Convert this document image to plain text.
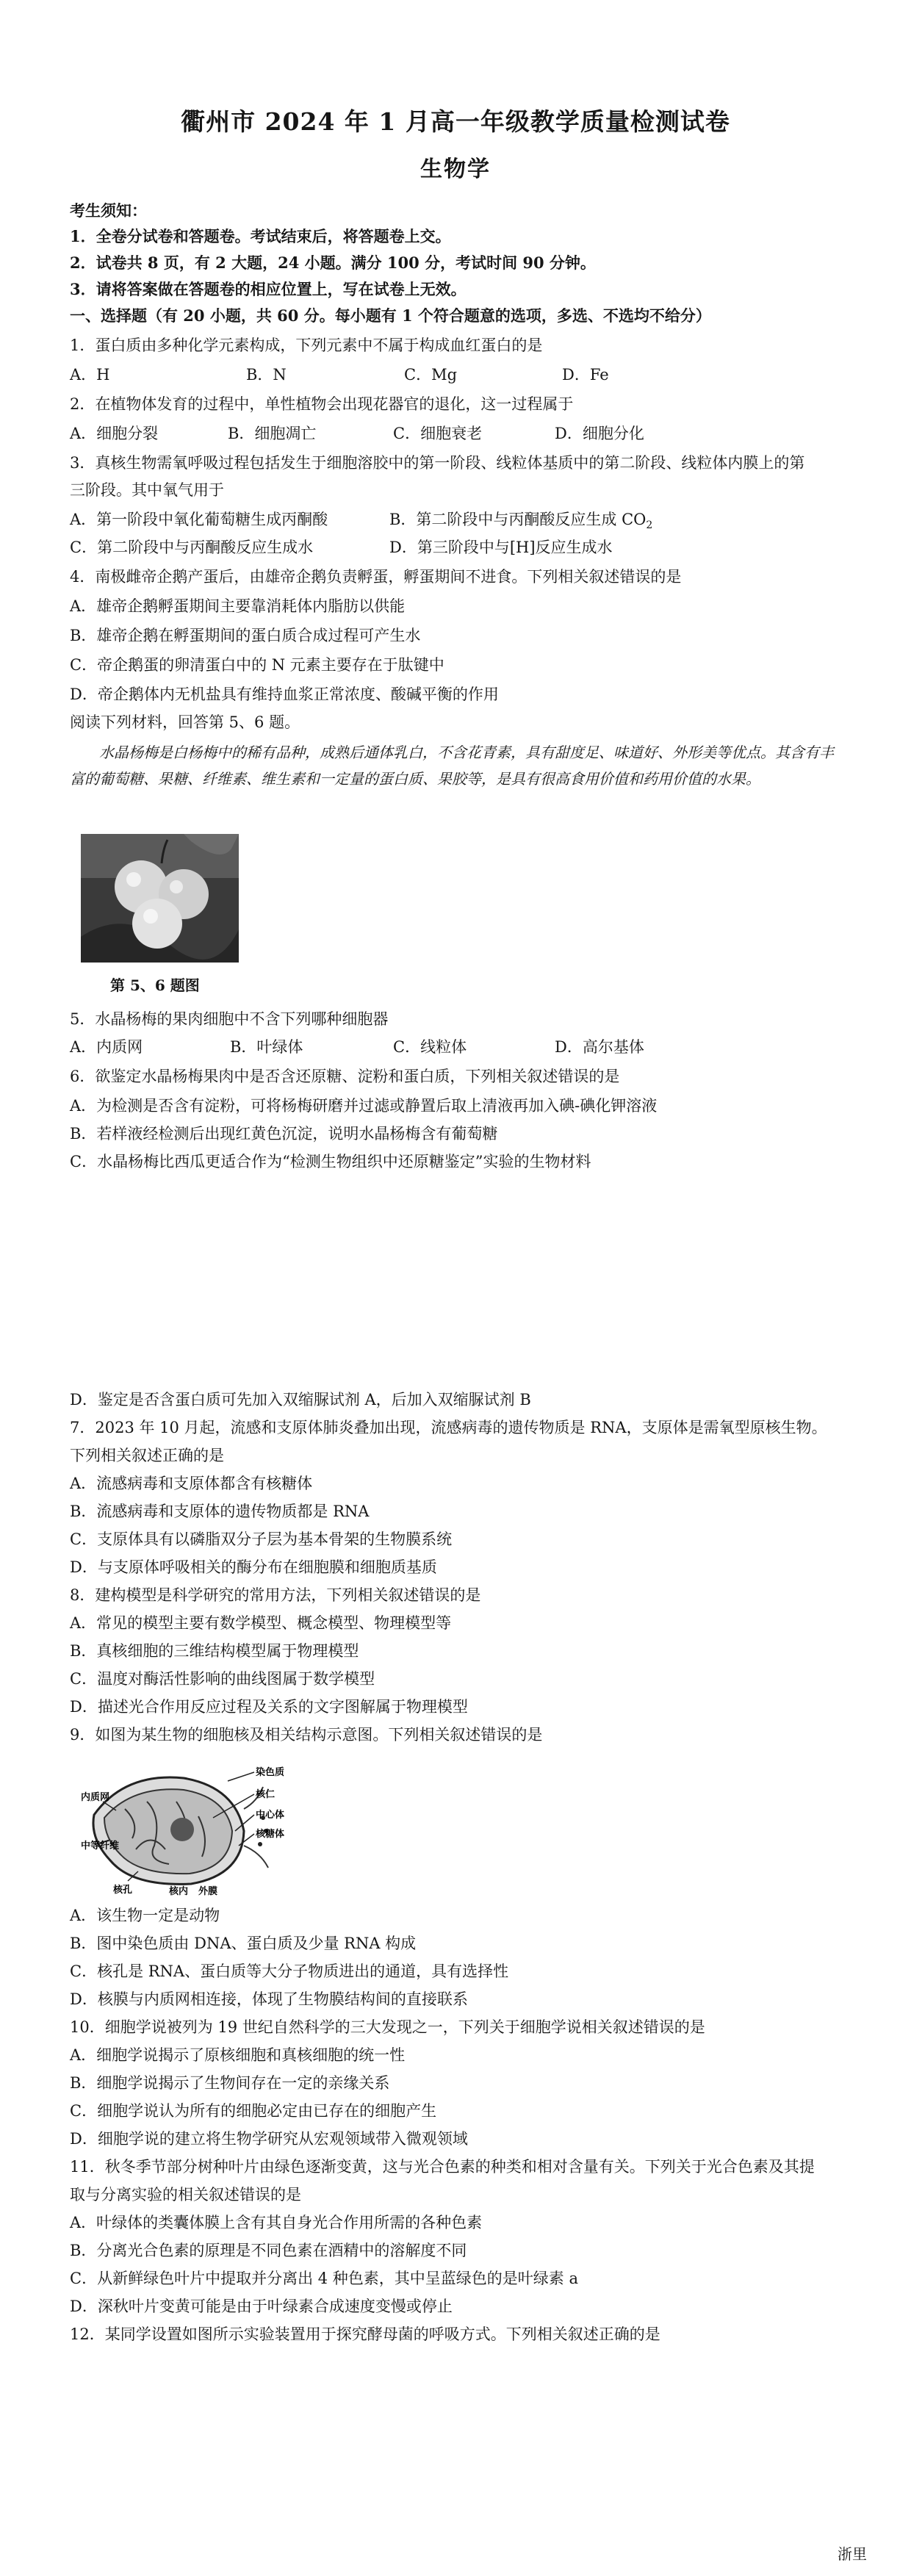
衢州市 2024 年 1 月高一年级教学质量检测试卷
生物学
考生须知：
1．全卷分试卷和答题卷。考试结束后，将答题卷上交。
2．试卷共 8 页，有 2 大题，24 小题。满分 100 分，考试时间 90 分钟。
3．请将答案做在答题卷的相应位置上，写在试卷上无效。
一、选择题（有 20 小题，共 60 分。每小题有 1 个符合题意的选项，多选、不选均不给分）
1．蛋白质由多种化学元素构成，下列元素中不属于构成血红蛋白的是
A．H	B．N	C．Mg	D．Fe
2．在植物体发育的过程中，单性植物会出现花器官的退化，这一过程属于
A．细胞分裂	B．细胞凋亡	C．细胞衰老	D．细胞分化
3．真核生物需氧呼吸过程包括发生于细胞溶胶中的第一阶段、线粒体基质中的第二阶段、线粒体内膜上的第
三阶段。其中氧气用于
A．第一阶段中氧化葡萄糖生成丙酮酸	B．第二阶段中与丙酮酸反应生成 $CO_2$
C．第二阶段中与丙酮酸反应生成水	D．第三阶段中与[H]反应生成水
4．南极雌帝企鹅产蛋后，由雄帝企鹅负责孵蛋，孵蛋期间不进食。下列相关叙述错误的是
A．雄帝企鹅孵蛋期间主要靠消耗体内脂肪以供能
B．雄帝企鹅在孵蛋期间的蛋白质合成过程可产生水
C．帝企鹅蛋的卵清蛋白中的 N 元素主要存在于肽键中
D．帝企鹅体内无机盐具有维持血浆正常浓度、酸碱平衡的作用
阅读下列材料，回答第 5、6 题。
　　水晶杨梅是白杨梅中的稀有品种，成熟后通体乳白，不含花青素，具有甜度足、味道好、外形美等优点。其含有丰富的葡萄糖、果糖、纤维素、维生素和一定量的蛋白质、果胶等，是具有很高食用价值和药用价值的水果。
第 5、6 题图
5．水晶杨梅的果肉细胞中不含下列哪种细胞器
A．内质网	B．叶绿体	C．线粒体	D．高尔基体
6．欲鉴定水晶杨梅果肉中是否含还原糖、淀粉和蛋白质，下列相关叙述错误的是
A．为检测是否含有淀粉，可将杨梅研磨并过滤或静置后取上清液再加入碘-碘化钾溶液
B．若样液经检测后出现红黄色沉淀，说明水晶杨梅含有葡萄糖
C．水晶杨梅比西瓜更适合作为“检测生物组织中还原糖鉴定”实验的生物材料
D．鉴定是否含蛋白质可先加入双缩脲试剂 A，后加入双缩脲试剂 B
7．2023 年 10 月起，流感和支原体肺炎叠加出现，流感病毒的遗传物质是 RNA，支原体是需氧型原核生物。
下列相关叙述正确的是
A．流感病毒和支原体都含有核糖体
B．流感病毒和支原体的遗传物质都是 RNA
C．支原体具有以磷脂双分子层为基本骨架的生物膜系统
D．与支原体呼吸相关的酶分布在细胞膜和细胞质基质
8．建构模型是科学研究的常用方法，下列相关叙述错误的是
A．常见的模型主要有数学模型、概念模型、物理模型等
B．真核细胞的三维结构模型属于物理模型
C．温度对酶活性影响的曲线图属于数学模型
D．描述光合作用反应过程及关系的文字图解属于物理模型
9．如图为某生物的细胞核及相关结构示意图。下列相关叙述错误的是
染色质
核仁
中心体
核糖体
内质网
中等纤维
核孔	核内 外膜
A．该生物一定是动物
B．图中染色质由 DNA、蛋白质及少量 RNA 构成
C．核孔是 RNA、蛋白质等大分子物质进出的通道，具有选择性
D．核膜与内质网相连接，体现了生物膜结构间的直接联系
10．细胞学说被列为 19 世纪自然科学的三大发现之一，下列关于细胞学说相关叙述错误的是
A．细胞学说揭示了原核细胞和真核细胞的统一性
B．细胞学说揭示了生物间存在一定的亲缘关系
C．细胞学说认为所有的细胞必定由已存在的细胞产生
D．细胞学说的建立将生物学研究从宏观领域带入微观领域
11．秋冬季节部分树种叶片由绿色逐渐变黄，这与光合色素的种类和相对含量有关。下列关于光合色素及其提
取与分离实验的相关叙述错误的是
A．叶绿体的类囊体膜上含有其自身光合作用所需的各种色素
B．分离光合色素的原理是不同色素在酒精中的溶解度不同
C．从新鲜绿色叶片中提取并分离出 4 种色素，其中呈蓝绿色的是叶绿素 a
D．深秋叶片变黄可能是由于叶绿素合成速度变慢或停止
12．某同学设置如图所示实验装置用于探究酵母菌的呼吸方式。下列相关叙述正确的是
浙里
